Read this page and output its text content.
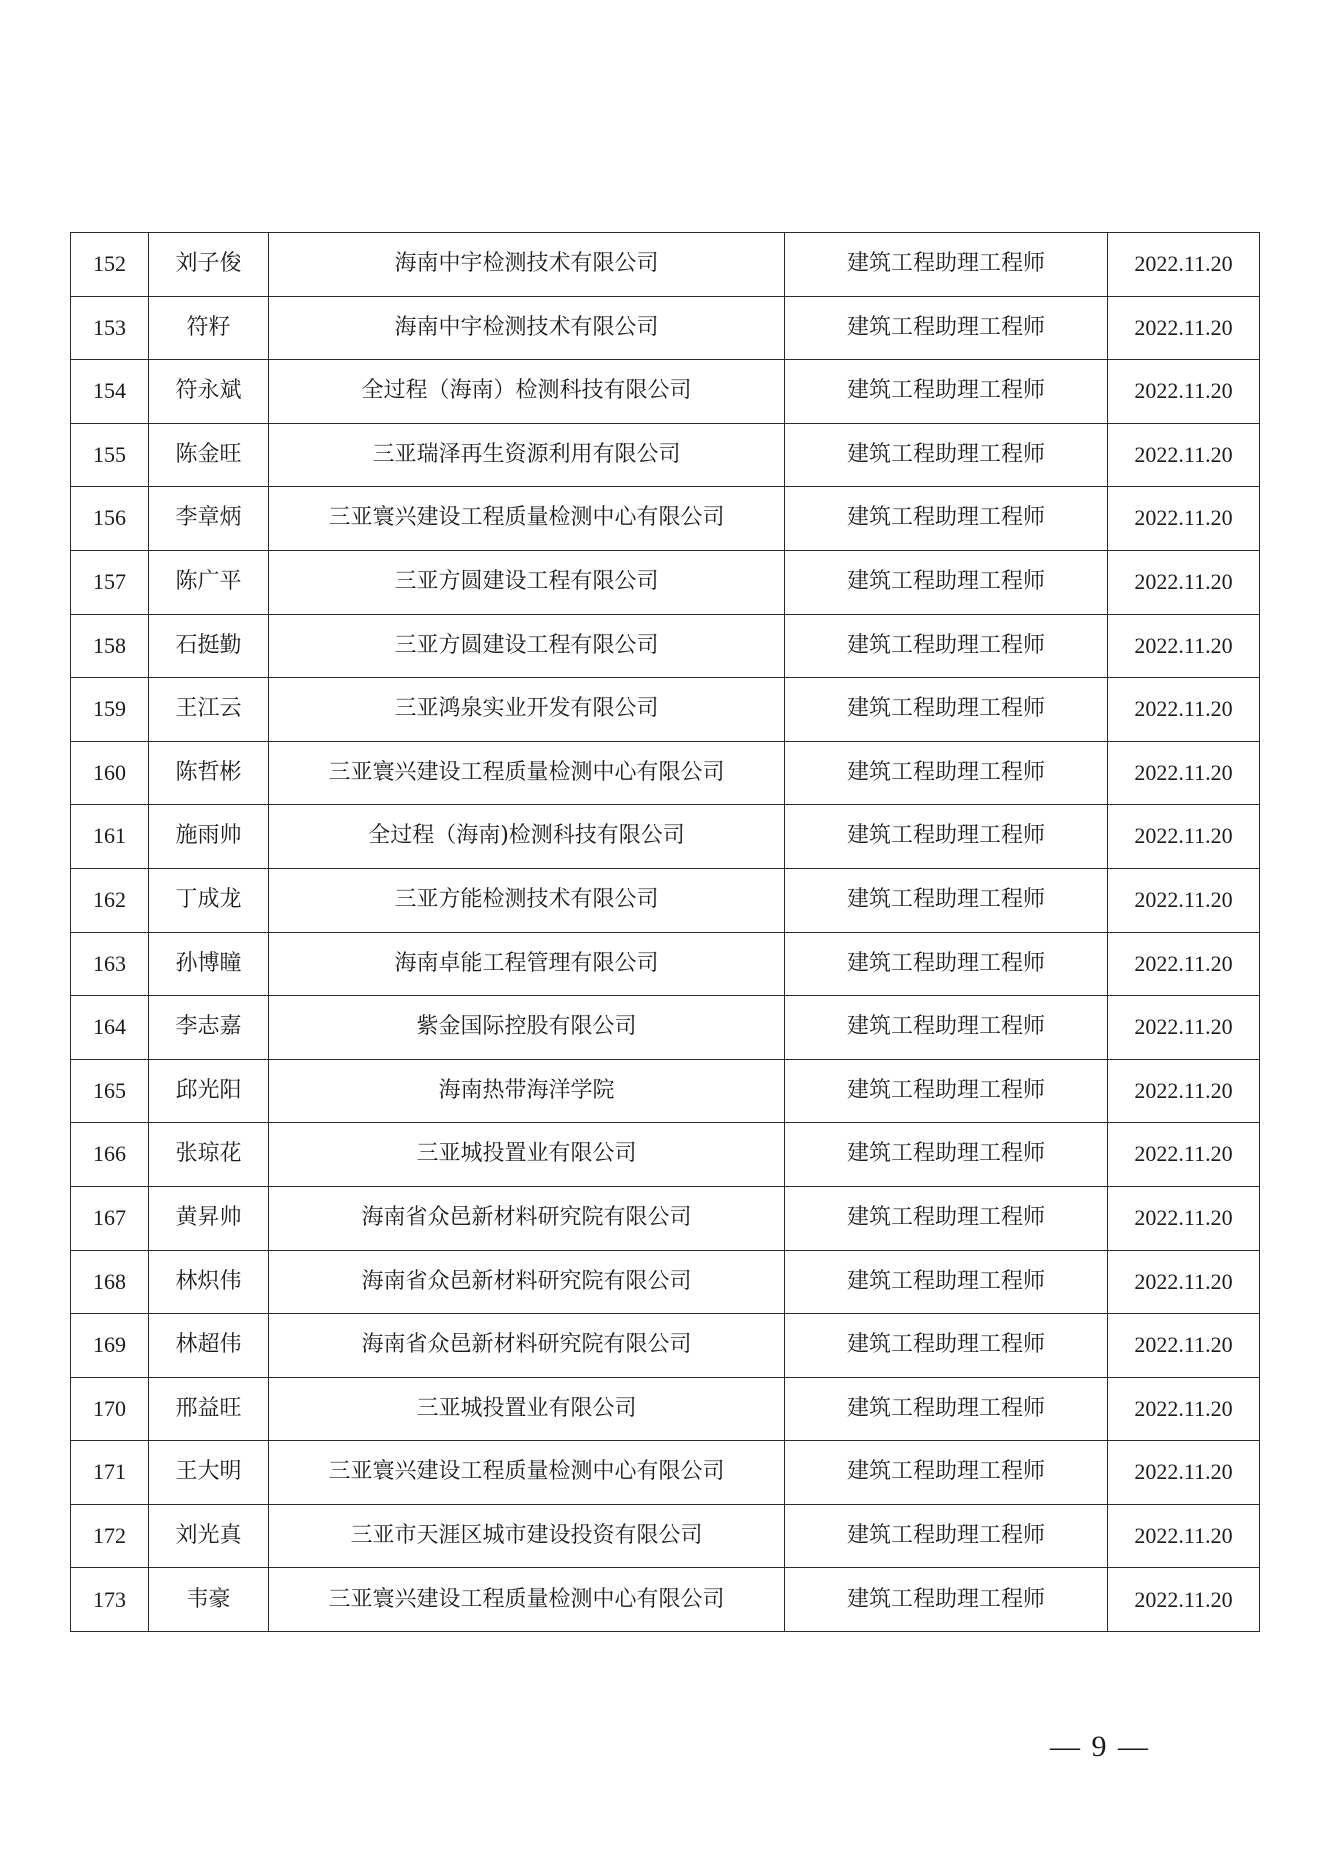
152	刘子俊	海南中宇检测技术有限公司	建筑工程助理工程师	2022.11.20
153	符籽	海南中宇检测技术有限公司	建筑工程助理工程师	2022.11.20
154	符永斌	全过程（海南）检测科技有限公司	建筑工程助理工程师	2022.11.20
155	陈金旺	三亚瑞泽再生资源利用有限公司	建筑工程助理工程师	2022.11.20
156	李章炳	三亚寰兴建设工程质量检测中心有限公司	建筑工程助理工程师	2022.11.20
157	陈广平	三亚方圆建设工程有限公司	建筑工程助理工程师	2022.11.20
158	石挺勤	三亚方圆建设工程有限公司	建筑工程助理工程师	2022.11.20
159	王江云	三亚鸿泉实业开发有限公司	建筑工程助理工程师	2022.11.20
160	陈哲彬	三亚寰兴建设工程质量检测中心有限公司	建筑工程助理工程师	2022.11.20
161	施雨帅	全过程（海南)检测科技有限公司	建筑工程助理工程师	2022.11.20
162	丁成龙	三亚方能检测技术有限公司	建筑工程助理工程师	2022.11.20
163	孙博瞳	海南卓能工程管理有限公司	建筑工程助理工程师	2022.11.20
164	李志嘉	紫金国际控股有限公司	建筑工程助理工程师	2022.11.20
165	邱光阳	海南热带海洋学院	建筑工程助理工程师	2022.11.20
166	张琼花	三亚城投置业有限公司	建筑工程助理工程师	2022.11.20
167	黄昇帅	海南省众邑新材料研究院有限公司	建筑工程助理工程师	2022.11.20
168	林炽伟	海南省众邑新材料研究院有限公司	建筑工程助理工程师	2022.11.20
169	林超伟	海南省众邑新材料研究院有限公司	建筑工程助理工程师	2022.11.20
170	邢益旺	三亚城投置业有限公司	建筑工程助理工程师	2022.11.20
171	王大明	三亚寰兴建设工程质量检测中心有限公司	建筑工程助理工程师	2022.11.20
172	刘光真	三亚市天涯区城市建设投资有限公司	建筑工程助理工程师	2022.11.20
173	韦豪	三亚寰兴建设工程质量检测中心有限公司	建筑工程助理工程师	2022.11.20
— 9 —
